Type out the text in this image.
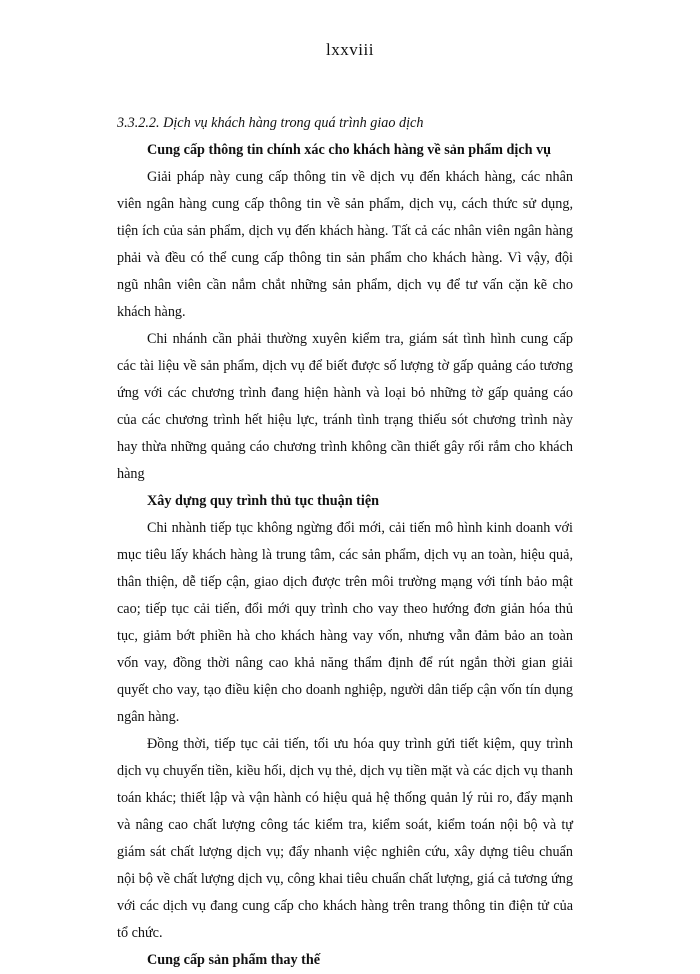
lxxviii

3.3.2.2. Dịch vụ khách hàng trong quá trình giao dịch

Cung cấp thông tin chính xác cho khách hàng về sản phẩm dịch vụ

Giải pháp này cung cấp thông tin về dịch vụ đến khách hàng, các nhân viên ngân hàng cung cấp thông tin về sản phẩm, dịch vụ, cách thức sử dụng, tiện ích của sản phẩm, dịch vụ đến khách hàng. Tất cả các nhân viên ngân hàng phải và đều có thể cung cấp thông tin sản phẩm cho khách hàng. Vì vậy, đội ngũ nhân viên cần nắm chắt những sản phẩm, dịch vụ để tư vấn cặn kẽ cho khách hàng.

Chi nhánh cần phải thường xuyên kiểm tra, giám sát tình hình cung cấp các tài liệu về sản phẩm, dịch vụ để biết được số lượng tờ gấp quảng cáo tương ứng với các chương trình đang hiện hành và loại bỏ những tờ gấp quảng cáo của các chương trình hết hiệu lực, tránh tình trạng thiếu sót chương trình này hay thừa những quảng cáo chương trình không cần thiết gây rối rắm cho khách hàng

Xây dựng quy trình thủ tục thuận tiện

Chi nhành tiếp tục không ngừng đổi mới, cải tiến mô hình kinh doanh với mục tiêu lấy khách hàng là trung tâm, các sản phẩm, dịch vụ an toàn, hiệu quả, thân thiện, dễ tiếp cận, giao dịch được trên môi trường mạng với tính bảo mật cao; tiếp tục cải tiến, đổi mới quy trình cho vay theo hướng đơn giản hóa thủ tục, giảm bớt phiền hà cho khách hàng vay vốn, nhưng vẫn đảm bảo an toàn vốn vay, đồng thời nâng cao khả năng thẩm định để rút ngắn thời gian giải quyết cho vay, tạo điều kiện cho doanh nghiệp, người dân tiếp cận vốn tín dụng ngân hàng.

Đồng thời, tiếp tục cải tiến, tối ưu hóa quy trình gửi tiết kiệm, quy trình dịch vụ chuyển tiền, kiều hối, dịch vụ thẻ, dịch vụ tiền mặt và các dịch vụ thanh toán khác; thiết lập và vận hành có hiệu quả hệ thống quản lý rủi ro, đẩy mạnh và nâng cao chất lượng công tác kiểm tra, kiểm soát, kiểm toán nội bộ và tự giám sát chất lượng dịch vụ; đẩy nhanh việc nghiên cứu, xây dựng tiêu chuẩn nội bộ về chất lượng dịch vụ, công khai tiêu chuẩn chất lượng, giá cả tương ứng với các dịch vụ đang cung cấp cho khách hàng trên trang thông tin điện tử của tổ chức.

Cung cấp sản phẩm thay thế
